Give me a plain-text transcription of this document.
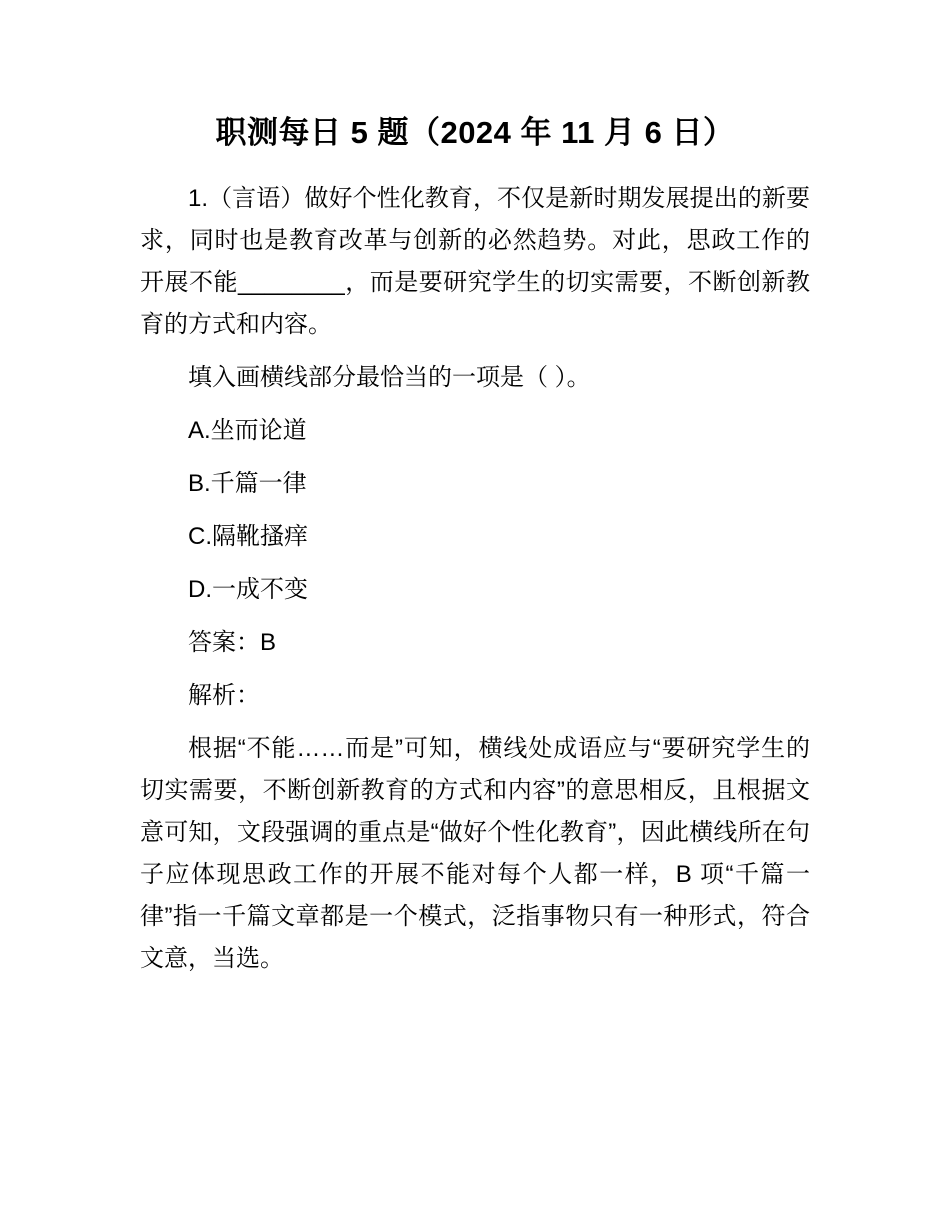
职测每日 5 题（2024 年 11 月 6 日）

1.（言语）做好个性化教育，不仅是新时期发展提出的新要求，同时也是教育改革与创新的必然趋势。对此，思政工作的开展不能________，而是要研究学生的切实需要，不断创新教育的方式和内容。

填入画横线部分最恰当的一项是（ ）。

A.坐而论道

B.千篇一律

C.隔靴搔痒

D.一成不变

答案：B

解析：

根据“不能……而是”可知，横线处成语应与“要研究学生的切实需要，不断创新教育的方式和内容”的意思相反，且根据文意可知，文段强调的重点是“做好个性化教育”，因此横线所在句子应体现思政工作的开展不能对每个人都一样，B 项“千篇一律”指一千篇文章都是一个模式，泛指事物只有一种形式，符合文意，当选。
